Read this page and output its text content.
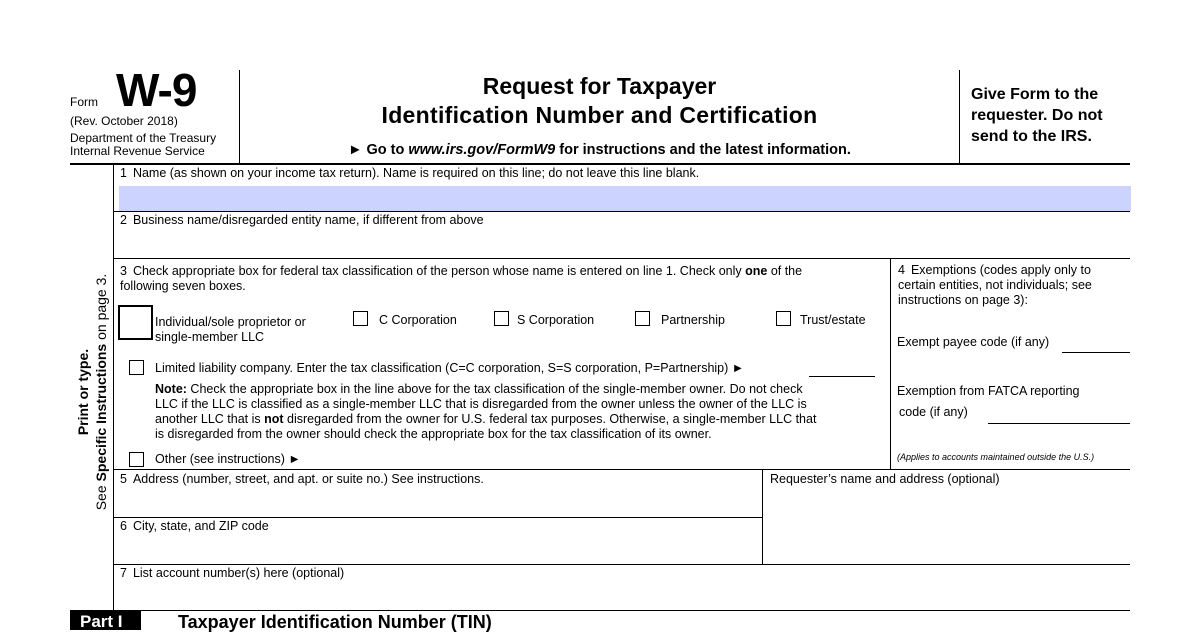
Form W-9
(Rev. October 2018)
Department of the Treasury
Internal Revenue Service
Request for Taxpayer
Identification Number and Certification
► Go to www.irs.gov/FormW9 for instructions and the latest information.
Give Form to the
requester. Do not
send to the IRS.
Print or type.
See Specific Instructions on page 3.
1 Name (as shown on your income tax return). Name is required on this line; do not leave this line blank.
2 Business name/disregarded entity name, if different from above
3 Check appropriate box for federal tax classification of the person whose name is entered on line 1. Check only one of the
following seven boxes.
Individual/sole proprietor or
single-member LLC
C Corporation	S Corporation	Partnership	Trust/estate
Limited liability company. Enter the tax classification (C=C corporation, S=S corporation, P=Partnership) ►
Note: Check the appropriate box in the line above for the tax classification of the single-member owner. Do not check
LLC if the LLC is classified as a single-member LLC that is disregarded from the owner unless the owner of the LLC is
another LLC that is not disregarded from the owner for U.S. federal tax purposes. Otherwise, a single-member LLC that
is disregarded from the owner should check the appropriate box for the tax classification of its owner.
Other (see instructions) ►
4 Exemptions (codes apply only to
certain entities, not individuals; see
instructions on page 3):
Exempt payee code (if any)
Exemption from FATCA reporting
code (if any)
(Applies to accounts maintained outside the U.S.)
5 Address (number, street, and apt. or suite no.) See instructions.	Requester’s name and address (optional)
6 City, state, and ZIP code
7 List account number(s) here (optional)
Part I	Taxpayer Identification Number (TIN)
